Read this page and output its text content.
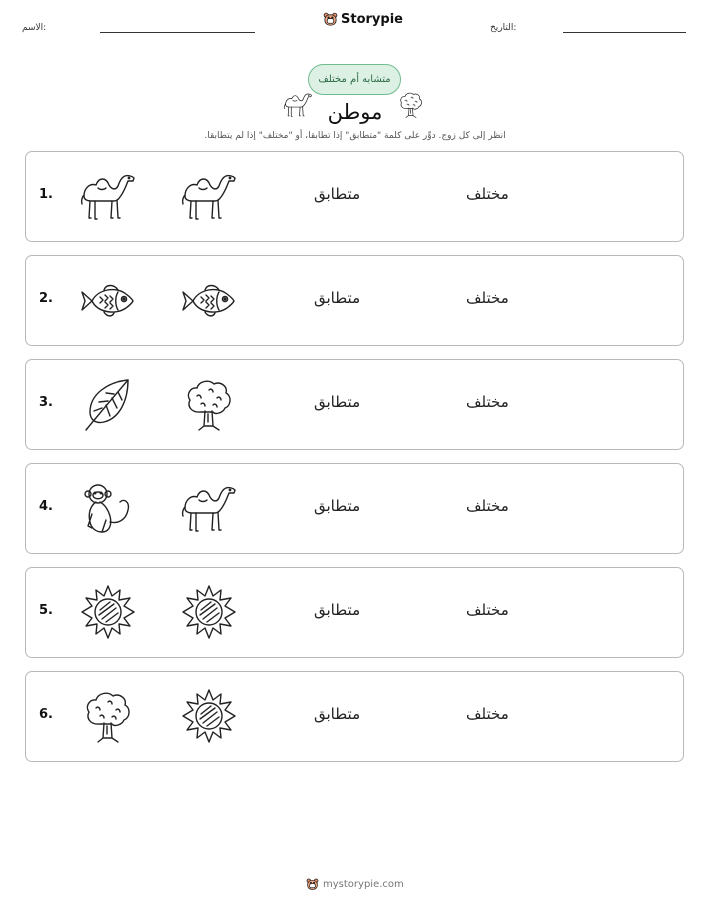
الاسم:
Storypie
التاريخ:
متشابه أم مختلف
موطن
انظر إلى كل زوج. دوِّر على كلمة "متطابق" إذا تطابقا، أو "مختلف" إذا لم يتطابقا.
1.	متطابق	مختلف
2.	متطابق	مختلف
3.	متطابق	مختلف
4.	متطابق	مختلف
5.	متطابق	مختلف
6.	متطابق	مختلف
mystorypie.com
